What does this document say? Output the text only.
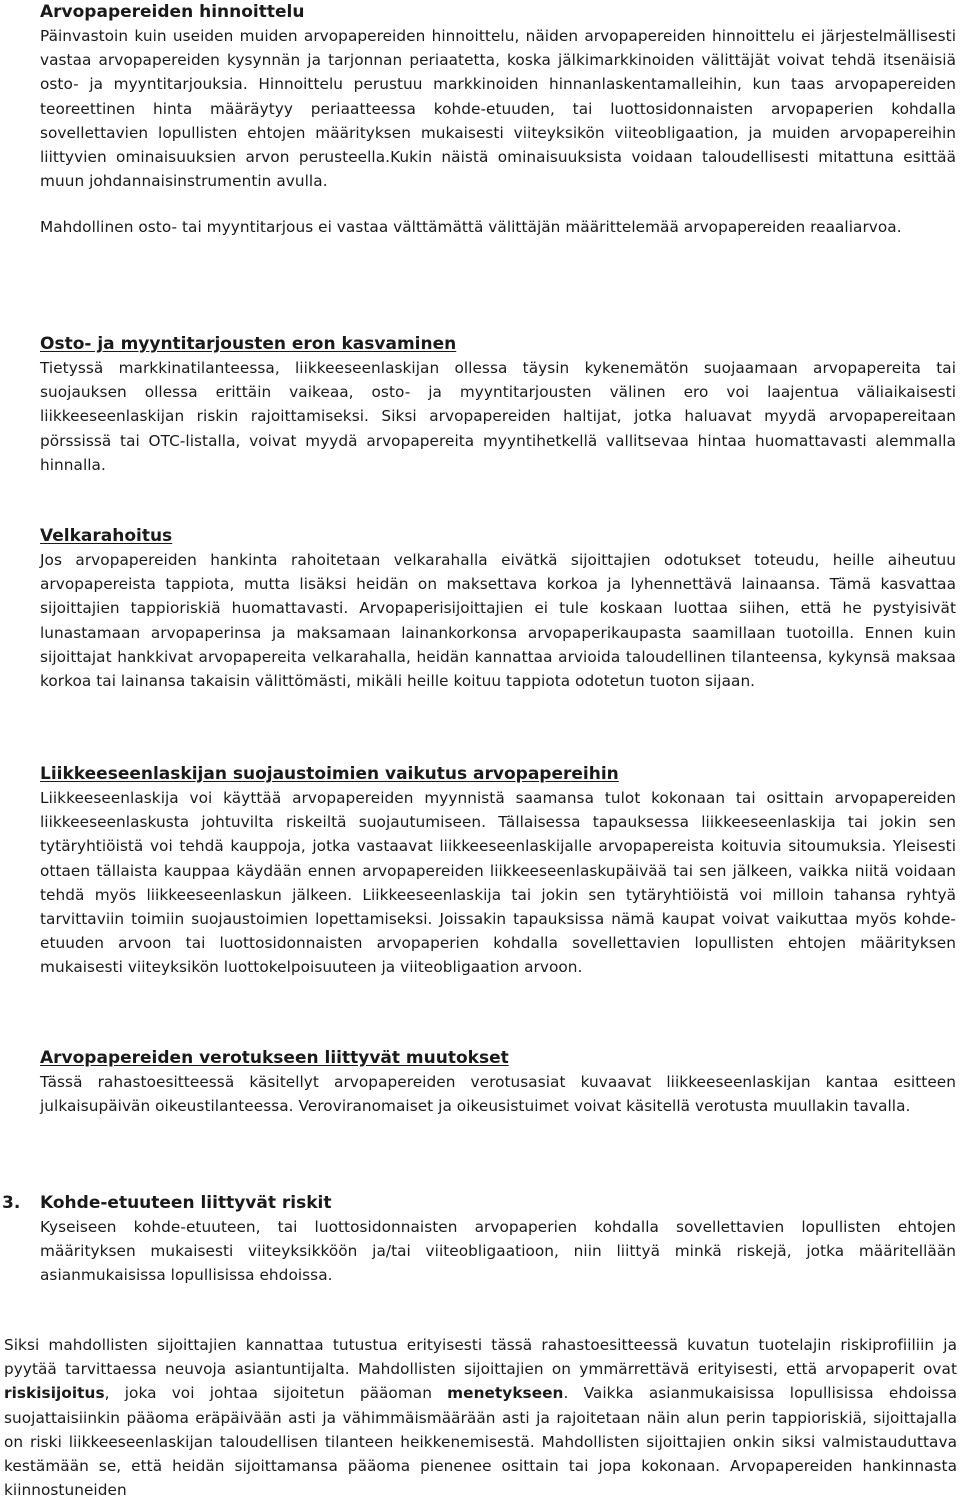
Arvopapereiden hinnoittelu

Päinvastoin kuin useiden muiden arvopapereiden hinnoittelu, näiden arvopapereiden hinnoittelu ei järjestelmällisesti vastaa arvopapereiden kysynnän ja tarjonnan periaatetta, koska jälkimarkkinoiden välittäjät voivat tehdä itsenäisiä osto- ja myyntitarjouksia. Hinnoittelu perustuu markkinoiden hinnanlaskentamalleihin, kun taas arvopapereiden teoreettinen hinta määräytyy periaatteessa kohde-etuuden, tai luottosidonnaisten arvopaperien kohdalla sovellettavien lopullisten ehtojen määrityksen mukaisesti viiteyksikön viiteobligaation, ja muiden arvopapereihin liittyvien ominaisuuksien arvon perusteella.Kukin näistä ominaisuuksista voidaan taloudellisesti mitattuna esittää muun johdannaisinstrumentin avulla.

Mahdollinen osto- tai myyntitarjous ei vastaa välttämättä välittäjän määrittelemää arvopapereiden reaaliarvoa.

Osto- ja myyntitarjousten eron kasvaminen

Tietyssä markkinatilanteessa, liikkeeseenlaskijan ollessa täysin kykenemätön suojaamaan arvopapereita tai suojauksen ollessa erittäin vaikeaa, osto- ja myyntitarjousten välinen ero voi laajentua väliaikaisesti liikkeeseenlaskijan riskin rajoittamiseksi. Siksi arvopapereiden haltijat, jotka haluavat myydä arvopapereitaan pörssissä tai OTC-listalla, voivat myydä arvopapereita myyntihetkellä vallitsevaa hintaa huomattavasti alemmalla hinnalla.

Velkarahoitus

Jos arvopapereiden hankinta rahoitetaan velkarahalla eivätkä sijoittajien odotukset toteudu, heille aiheutuu arvopapereista tappiota, mutta lisäksi heidän on maksettava korkoa ja lyhennettävä lainaansa. Tämä kasvattaa sijoittajien tappioriskiä huomattavasti. Arvopaperisijoittajien ei tule koskaan luottaa siihen, että he pystyisivät lunastamaan arvopaperinsa ja maksamaan lainankorkonsa arvopaperikaupasta saamillaan tuotoilla. Ennen kuin sijoittajat hankkivat arvopapereita velkarahalla, heidän kannattaa arvioida taloudellinen tilanteensa, kykynsä maksaa korkoa tai lainansa takaisin välittömästi, mikäli heille koituu tappiota odotetun tuoton sijaan.

Liikkeeseenlaskijan suojaustoimien vaikutus arvopapereihin

Liikkeeseenlaskija voi käyttää arvopapereiden myynnistä saamansa tulot kokonaan tai osittain arvopapereiden liikkeeseenlaskusta johtuvilta riskeiltä suojautumiseen. Tällaisessa tapauksessa liikkeeseenlaskija tai jokin sen tytäryhtiöistä voi tehdä kauppoja, jotka vastaavat liikkeeseenlaskijalle arvopapereista koituvia sitoumuksia. Yleisesti ottaen tällaista kauppaa käydään ennen arvopapereiden liikkeeseenlaskupäivää tai sen jälkeen, vaikka niitä voidaan tehdä myös liikkeeseenlaskun jälkeen. Liikkeeseenlaskija tai jokin sen tytäryhtiöistä voi milloin tahansa ryhtyä tarvittaviin toimiin suojaustoimien lopettamiseksi. Joissakin tapauksissa nämä kaupat voivat vaikuttaa myös kohde-etuuden arvoon tai luottosidonnaisten arvopaperien kohdalla sovellettavien lopullisten ehtojen määrityksen mukaisesti viiteyksikön luottokelpoisuuteen ja viiteobligaation arvoon.

Arvopapereiden verotukseen liittyvät muutokset

Tässä rahastoesitteessä käsitellyt arvopapereiden verotusasiat kuvaavat liikkeeseenlaskijan kantaa esitteen julkaisupäivän oikeustilanteessa. Veroviranomaiset ja oikeusistuimet voivat käsitellä verotusta muullakin tavalla.

3. Kohde-etuuteen liittyvät riskit

Kyseiseen kohde-etuuteen, tai luottosidonnaisten arvopaperien kohdalla sovellettavien lopullisten ehtojen määrityksen mukaisesti viiteyksikköön ja/tai viiteobligaatioon, niin liittyä minkä riskejä, jotka määritellään asianmukaisissa lopullisissa ehdoissa.

Siksi mahdollisten sijoittajien kannattaa tutustua erityisesti tässä rahastoesitteessä kuvatun tuotelajin riskiprofiiliin ja pyytää tarvittaessa neuvoja asiantuntijalta. Mahdollisten sijoittajien on ymmärrettävä erityisesti, että arvopaperit ovat riskisijoitus, joka voi johtaa sijoitetun pääoman menetykseen. Vaikka asianmukaisissa lopullisissa ehdoissa suojattaisiinkin pääoma eräpäivään asti ja vähimmäismäärään asti ja rajoitetaan näin alun perin tappioriskiä, sijoittajalla on riski liikkeeseenlaskijan taloudellisen tilanteen heikkenemisestä. Mahdollisten sijoittajien onkin siksi valmistauduttava kestämään se, että heidän sijoittamansa pääoma pienenee osittain tai jopa kokonaan. Arvopapereiden hankinnasta kiinnostuneiden
